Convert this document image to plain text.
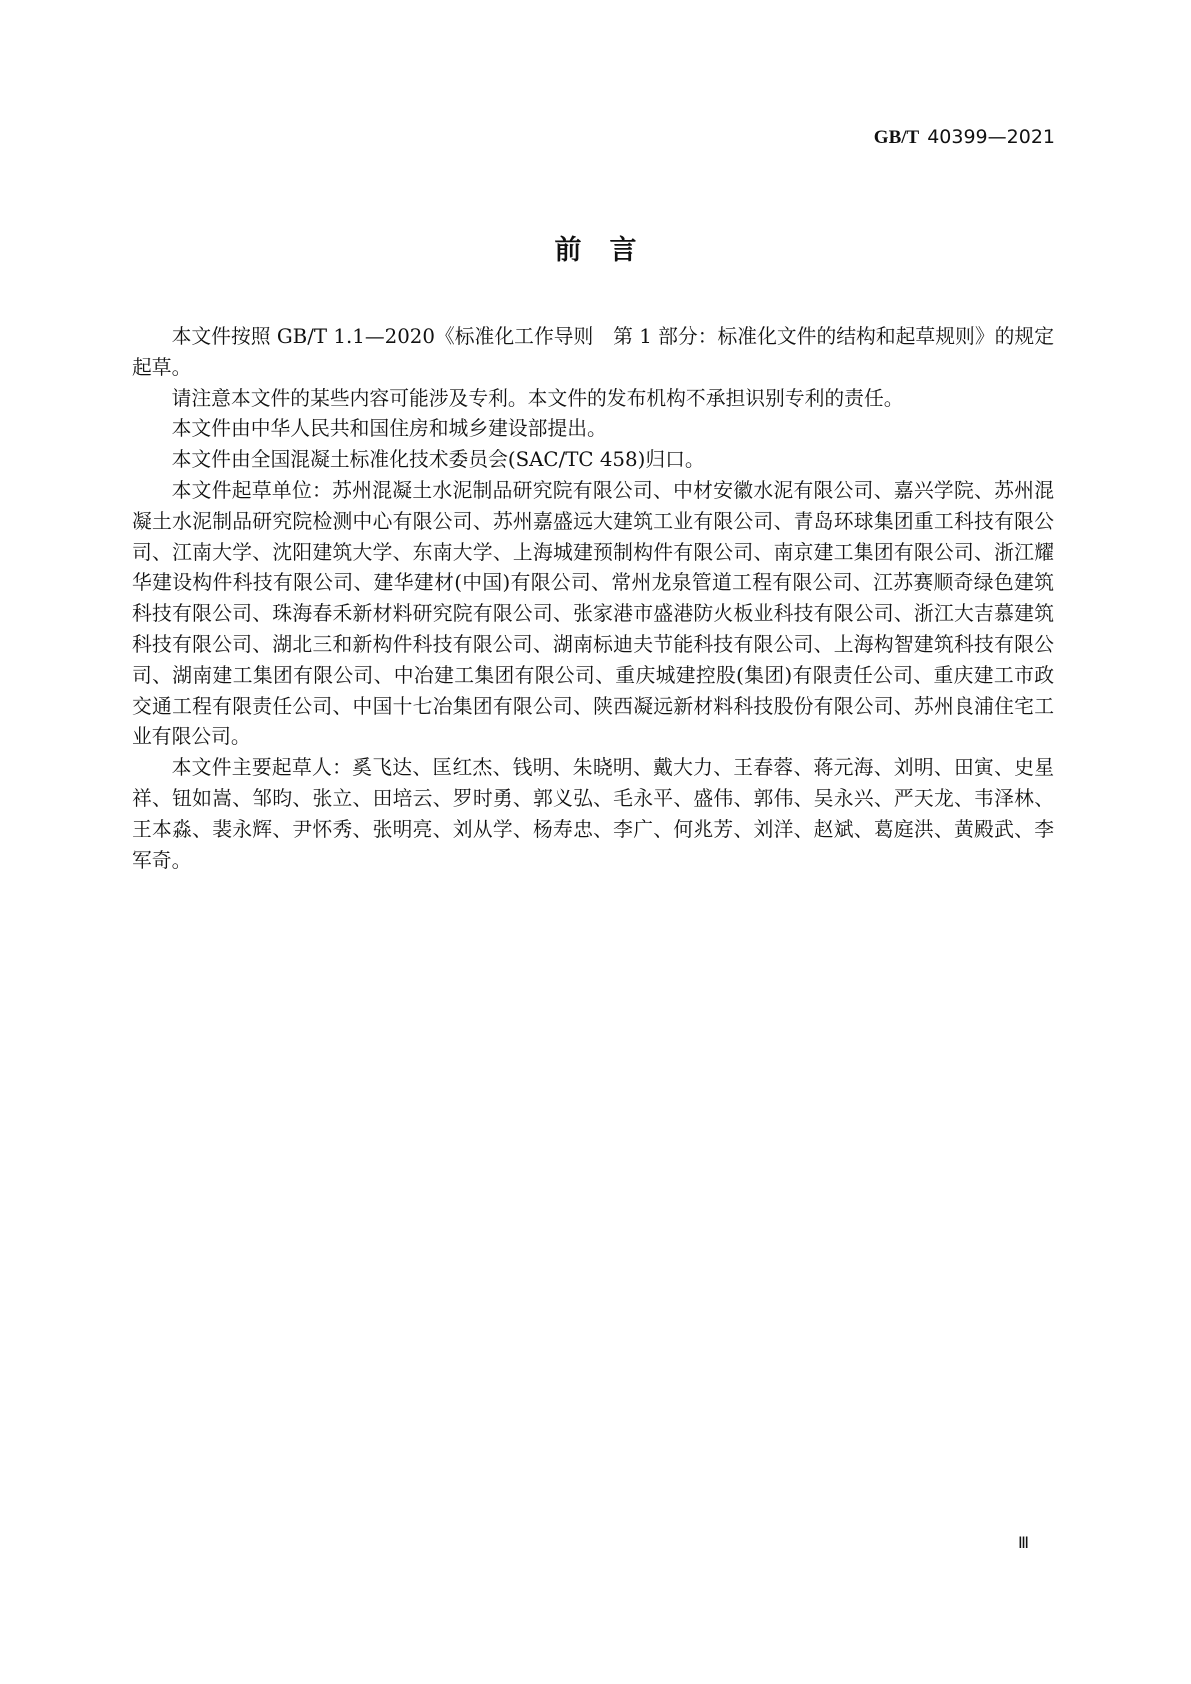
GB/T 40399—2021
前言

本文件按照 GB/T 1.1—2020《标准化工作导则　第 1 部分：标准化文件的结构和起草规则》的规定起草。

请注意本文件的某些内容可能涉及专利。本文件的发布机构不承担识别专利的责任。

本文件由中华人民共和国住房和城乡建设部提出。

本文件由全国混凝土标准化技术委员会(SAC/TC 458)归口。

本文件起草单位：苏州混凝土水泥制品研究院有限公司、中材安徽水泥有限公司、嘉兴学院、苏州混凝土水泥制品研究院检测中心有限公司、苏州嘉盛远大建筑工业有限公司、青岛环球集团重工科技有限公司、江南大学、沈阳建筑大学、东南大学、上海城建预制构件有限公司、南京建工集团有限公司、浙江耀华建设构件科技有限公司、建华建材(中国)有限公司、常州龙泉管道工程有限公司、江苏赛顺奇绿色建筑科技有限公司、珠海春禾新材料研究院有限公司、张家港市盛港防火板业科技有限公司、浙江大吉慕建筑科技有限公司、湖北三和新构件科技有限公司、湖南标迪夫节能科技有限公司、上海构智建筑科技有限公司、湖南建工集团有限公司、中冶建工集团有限公司、重庆城建控股(集团)有限责任公司、重庆建工市政交通工程有限责任公司、中国十七冶集团有限公司、陕西凝远新材料科技股份有限公司、苏州良浦住宅工业有限公司。

本文件主要起草人：奚飞达、匡红杰、钱明、朱晓明、戴大力、王春蓉、蒋元海、刘明、田寅、史星祥、钮如嵩、邹昀、张立、田培云、罗时勇、郭义弘、毛永平、盛伟、郭伟、吴永兴、严天龙、韦泽林、王本淼、裴永辉、尹怀秀、张明亮、刘从学、杨寿忠、李广、何兆芳、刘洋、赵斌、葛庭洪、黄殿武、李军奇。

Ⅲ
